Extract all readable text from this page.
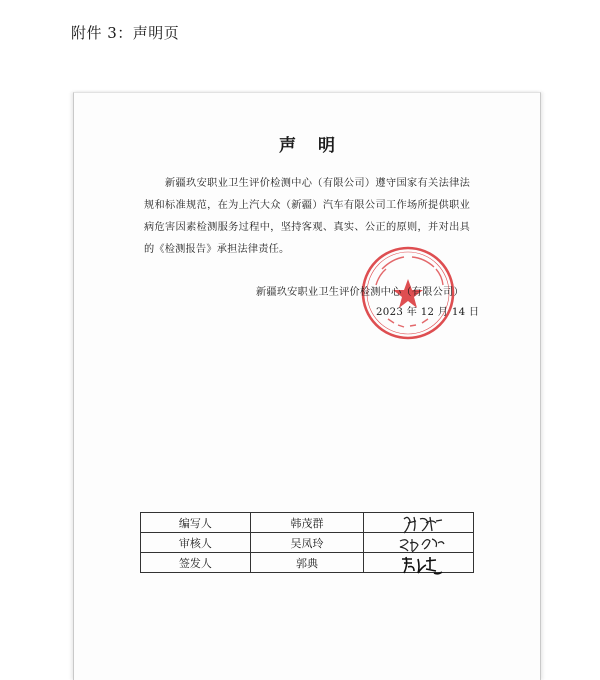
附件 3：声明页
声明
新疆玖安职业卫生评价检测中心（有限公司）遵守国家有关法律法规和标准规范，在为上汽大众（新疆）汽车有限公司工作场所提供职业病危害因素检测服务过程中，坚持客观、真实、公正的原则，并对出具的《检测报告》承担法律责任。
新疆玖安职业卫生评价检测中心（有限公司）
2023 年 12 月 14 日
编写人	韩茂群	

审核人	吴凤玲	

签发人	郭典	
